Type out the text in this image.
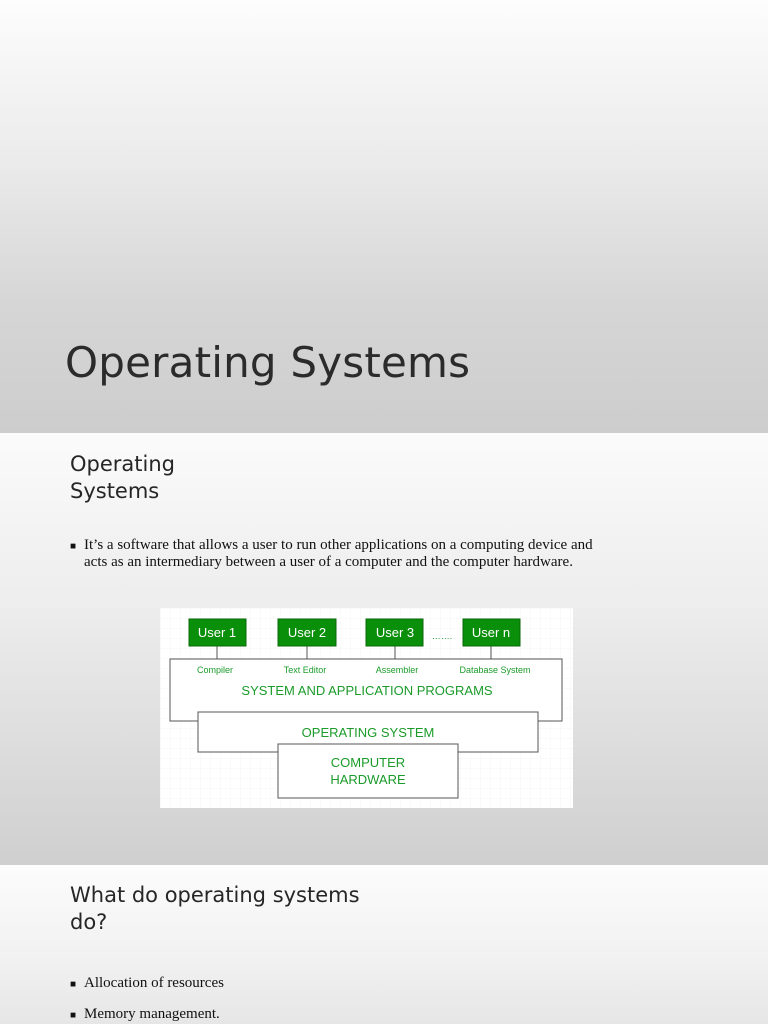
Operating Systems
Operating Systems
■ It’s a software that allows a user to run other applications on a computing device and acts as an intermediary between a user of a computer and the computer hardware.
User 1	User 2	User 3	User n
…….
Compiler	Text Editor	Assembler	Database System
SYSTEM AND APPLICATION PROGRAMS
OPERATING SYSTEM
COMPUTER
HARDWARE
What do operating systems do?
■ Allocation of resources
■ Memory management.
